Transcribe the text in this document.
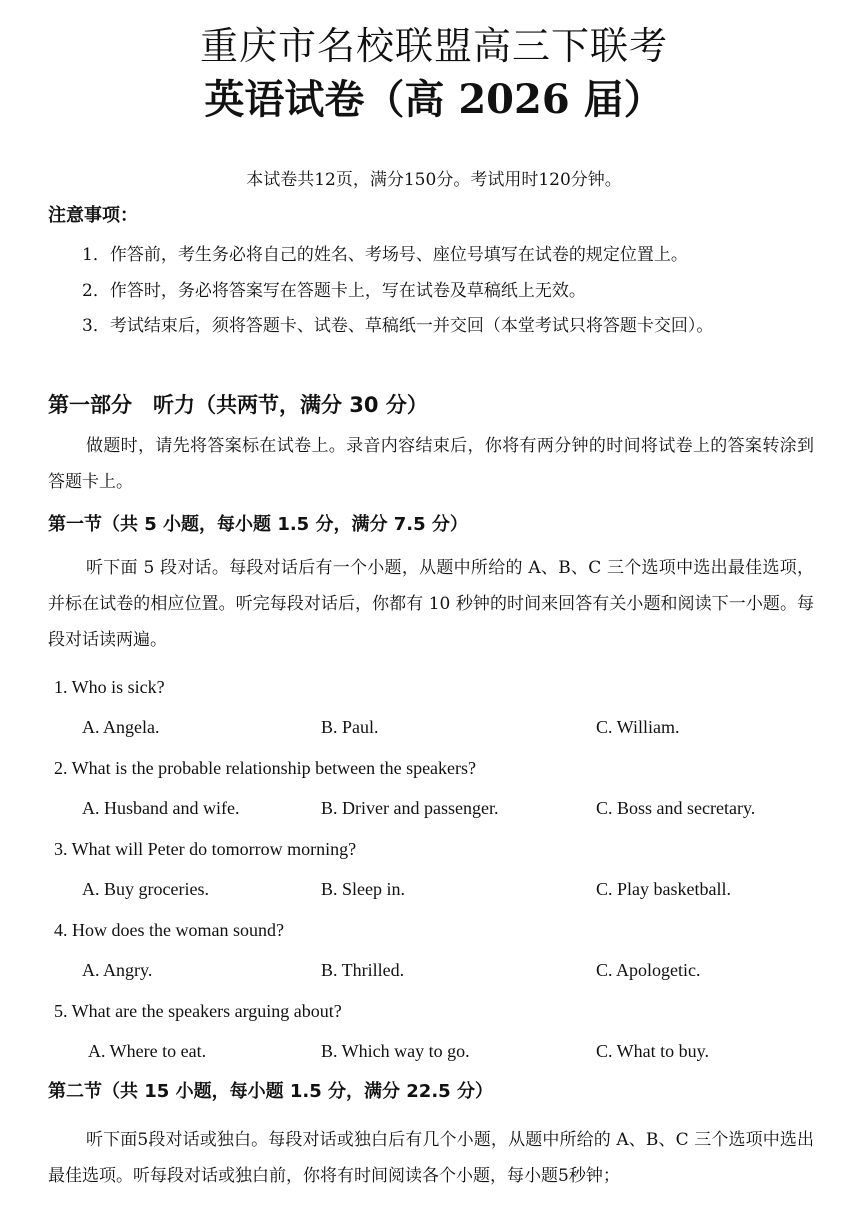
重庆市名校联盟高三下联考
英语试卷（高 2026 届）
本试卷共12页，满分150分。考试用时120分钟。
注意事项：
1．作答前，考生务必将自己的姓名、考场号、座位号填写在试卷的规定位置上。
2．作答时，务必将答案写在答题卡上，写在试卷及草稿纸上无效。
3．考试结束后，须将答题卡、试卷、草稿纸一并交回（本堂考试只将答题卡交回）。
第一部分　听力（共两节，满分 30 分）
做题时，请先将答案标在试卷上。录音内容结束后，你将有两分钟的时间将试卷上的答案转涂到答题卡上。
第一节（共 5 小题，每小题 1.5 分，满分 7.5 分）
听下面 5 段对话。每段对话后有一个小题，从题中所给的 A、B、C 三个选项中选出最佳选项，并标在试卷的相应位置。听完每段对话后，你都有 10 秒钟的时间来回答有关小题和阅读下一小题。每段对话读两遍。
1. Who is sick?
A. Angela.	B. Paul.	C. William.
2. What is the probable relationship between the speakers?
A. Husband and wife.	B. Driver and passenger.	C. Boss and secretary.
3. What will Peter do tomorrow morning?
A. Buy groceries.	B. Sleep in.	C. Play basketball.
4. How does the woman sound?
A. Angry.	B. Thrilled.	C. Apologetic.
5. What are the speakers arguing about?
A. Where to eat.	B. Which way to go.	C. What to buy.
第二节（共 15 小题，每小题 1.5 分，满分 22.5 分）
听下面5段对话或独白。每段对话或独白后有几个小题，从题中所给的 A、B、C 三个选项中选出最佳选项。听每段对话或独白前，你将有时间阅读各个小题，每小题5秒钟；
